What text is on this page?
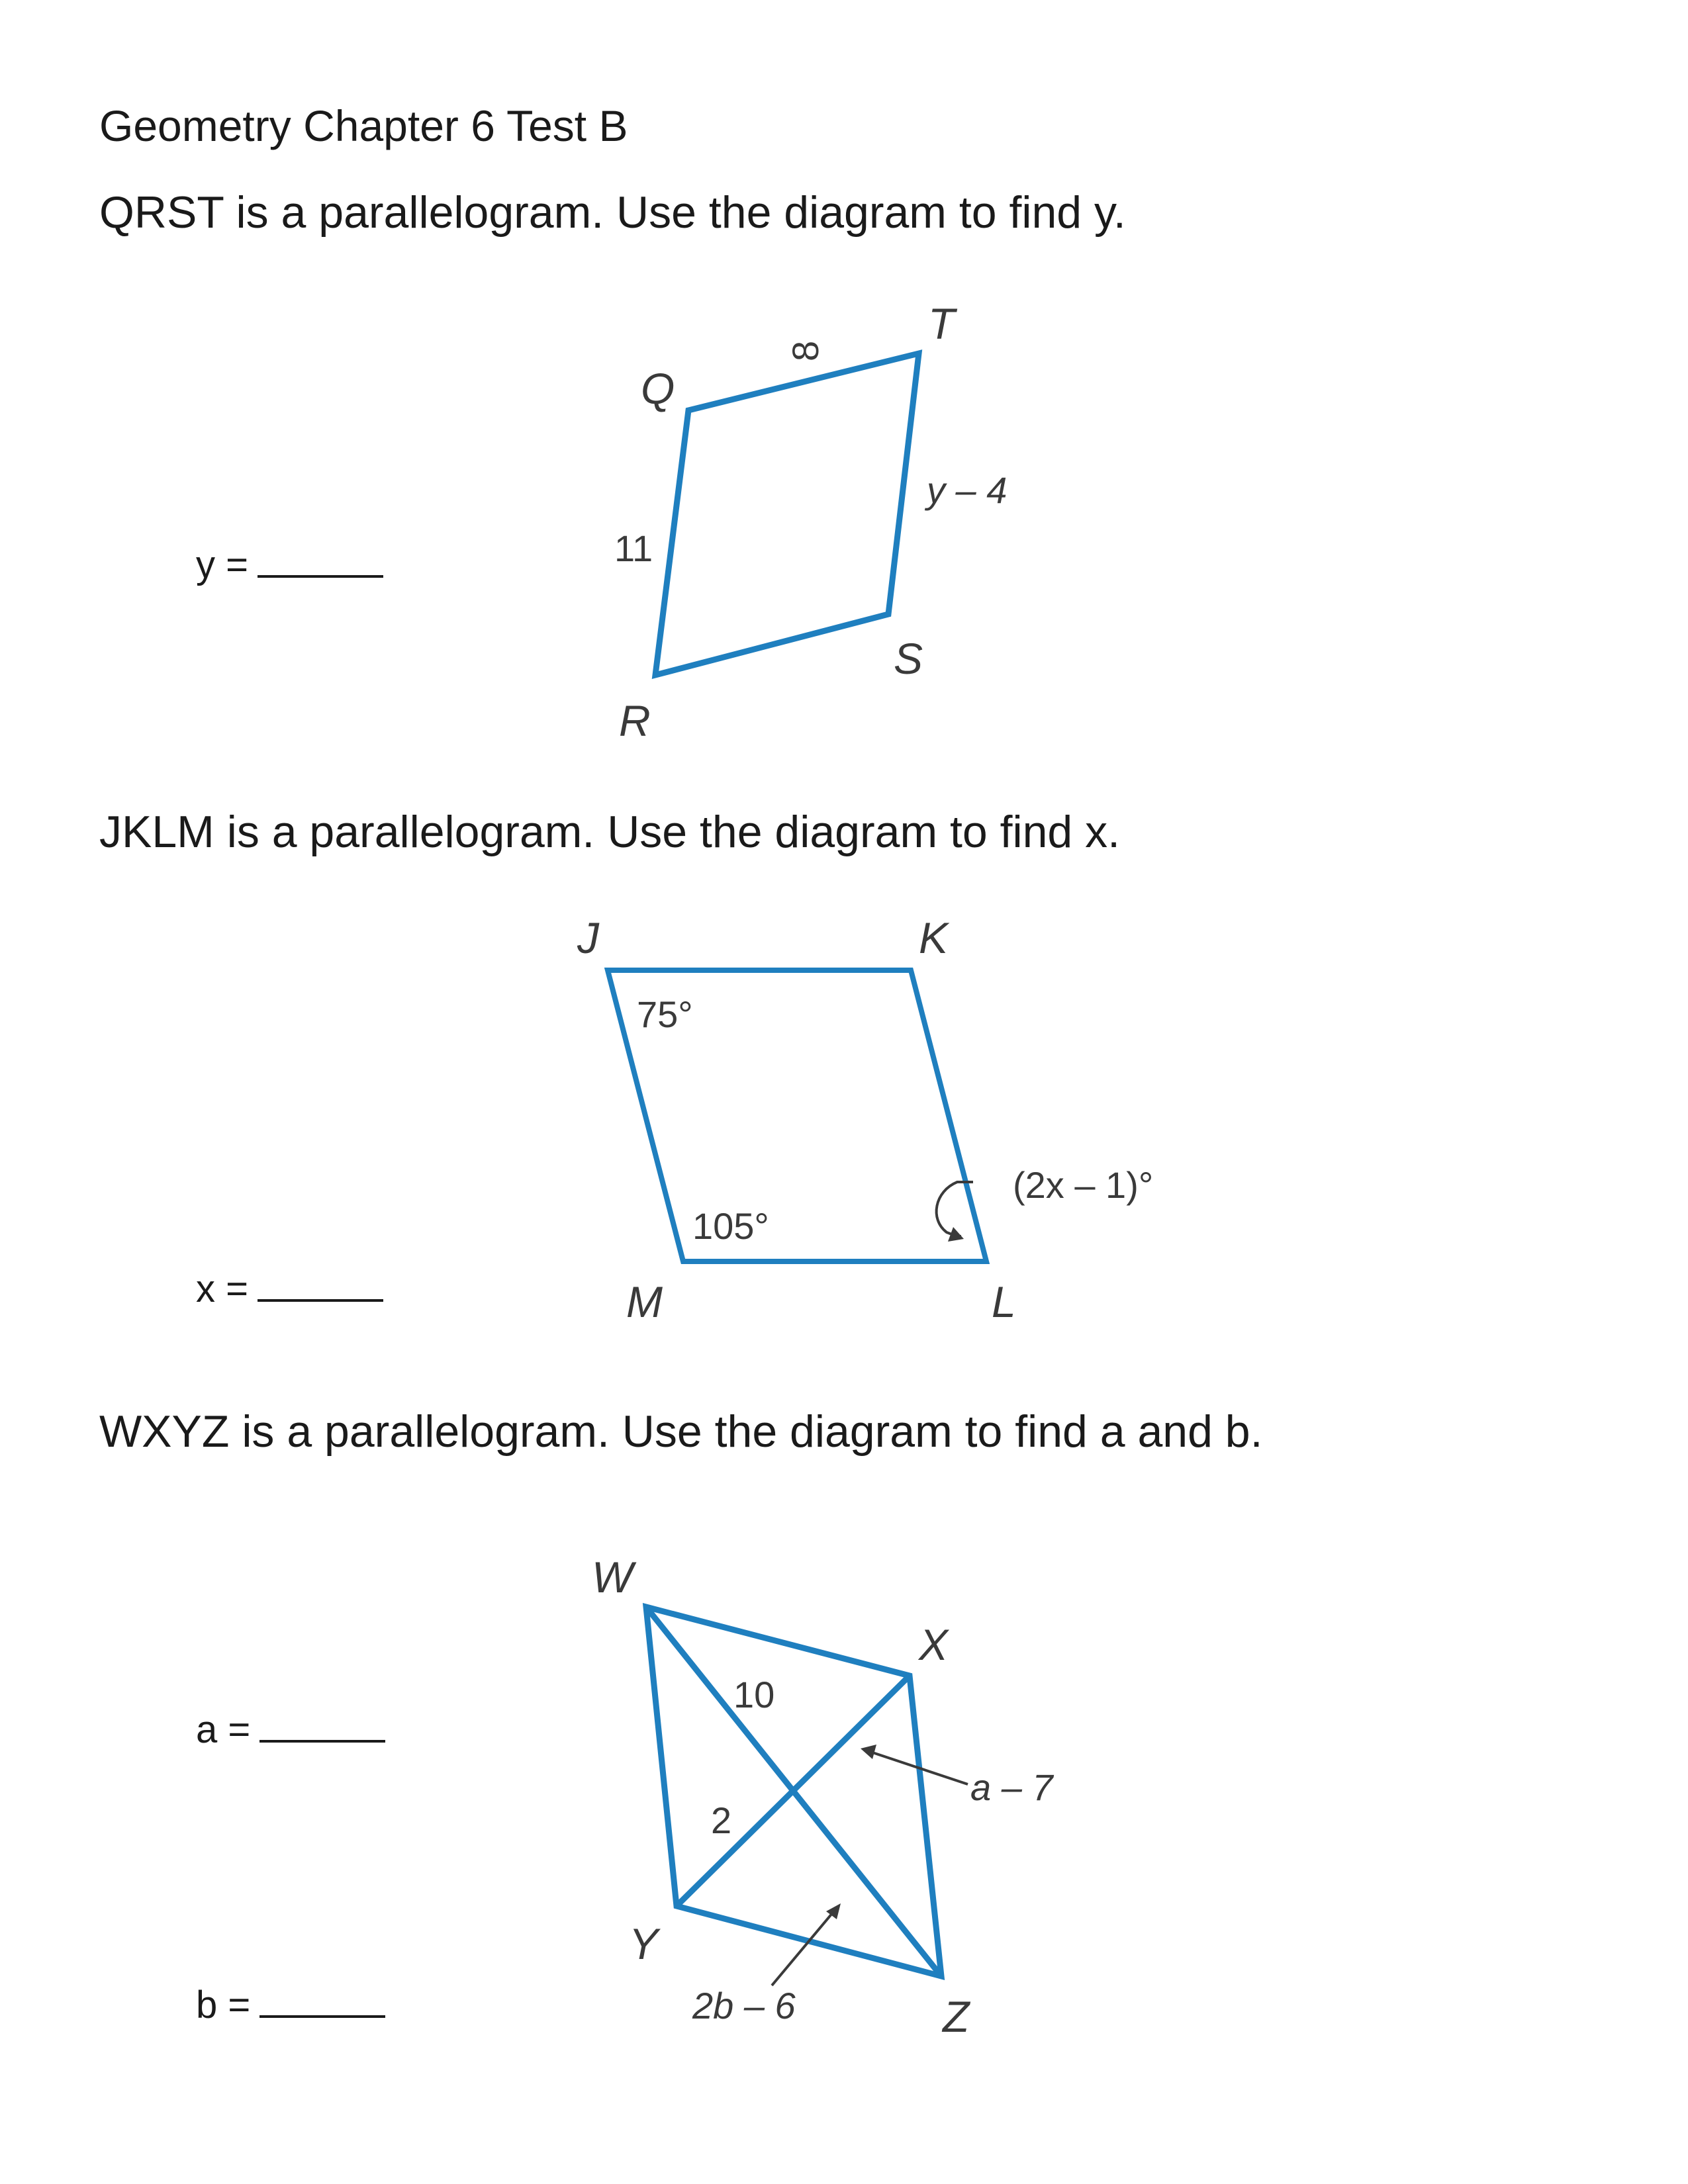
Geometry Chapter 6 Test B
QRST is a parallelogram. Use the diagram to find y.
y =
Q
T
S
R
8
11
y – 4
JKLM is a parallelogram. Use the diagram to find x.
x =
J	K
L
M
75°
105°
(2x – 1)°
WXYZ is a parallelogram. Use the diagram to find a and b.
a =
b =
W
X
Y
Z
10
2
a – 7
2b – 6
